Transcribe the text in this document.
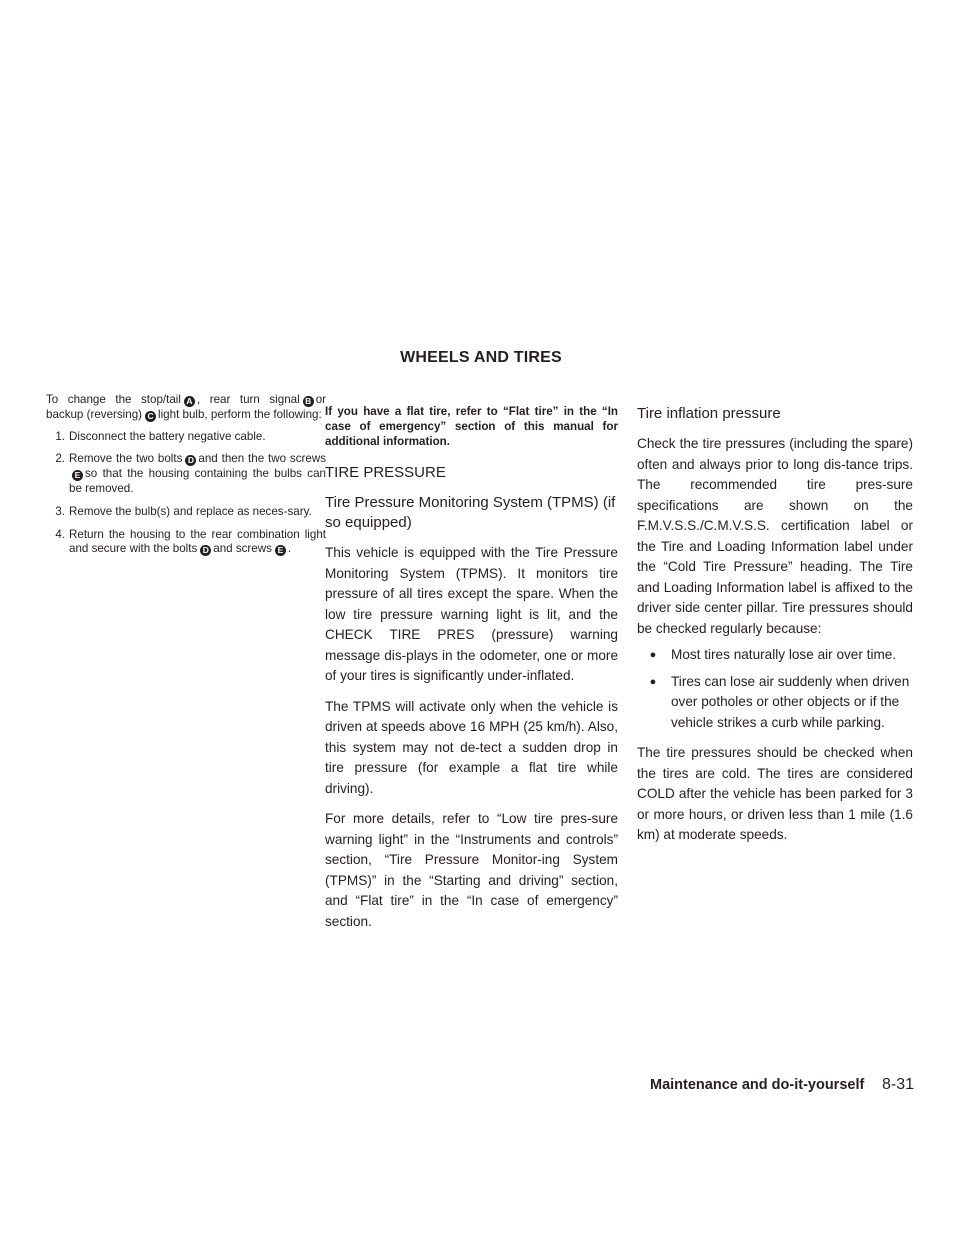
WHEELS AND TIRES

To change the stop/tail A , rear turn signal B or backup (reversing) C light bulb, perform the following:

1. Disconnect the battery negative cable.
2. Remove the two bolts D and then the two screwsE so that the housing containing the bulbs can be removed.
3. Remove the bulb(s) and replace as neces-sary.
4. Return the housing to the rear combination light and secure with the bolts D and screws E .

If you have a flat tire, refer to “Flat tire” in the “In case of emergency” section of this manual for additional information.

TIRE PRESSURE

Tire Pressure Monitoring System (TPMS) (if so equipped)

This vehicle is equipped with the Tire Pressure Monitoring System (TPMS). It monitors tire pressure of all tires except the spare. When the low tire pressure warning light is lit, and the CHECK TIRE PRES (pressure) warning message dis-plays in the odometer, one or more of your tires is significantly under-inflated.

The TPMS will activate only when the vehicle is driven at speeds above 16 MPH (25 km/h). Also, this system may not de-tect a sudden drop in tire pressure (for example a flat tire while driving).

For more details, refer to “Low tire pres-sure warning light” in the “Instruments and controls” section, “Tire Pressure Monitor-ing System (TPMS)” in the “Starting and driving” section, and “Flat tire” in the “In case of emergency” section.

Tire inflation pressure

Check the tire pressures (including the spare) often and always prior to long dis-tance trips. The recommended tire pres-sure specifications are shown on the F.M.V.S.S./C.M.V.S.S. certification label or the Tire and Loading Information label under the “Cold Tire Pressure” heading. The Tire and Loading Information label is affixed to the driver side center pillar. Tire pressures should be checked regularly because:

●	Most tires naturally lose air over time.
●	Tires can lose air suddenly when driven over potholes or other objects or if the vehicle strikes a curb while parking.

The tire pressures should be checked when the tires are cold. The tires are considered COLD after the vehicle has been parked for 3 or more hours, or driven less than 1 mile (1.6 km) at moderate speeds.

Maintenance and do-it-yourself 8-31
